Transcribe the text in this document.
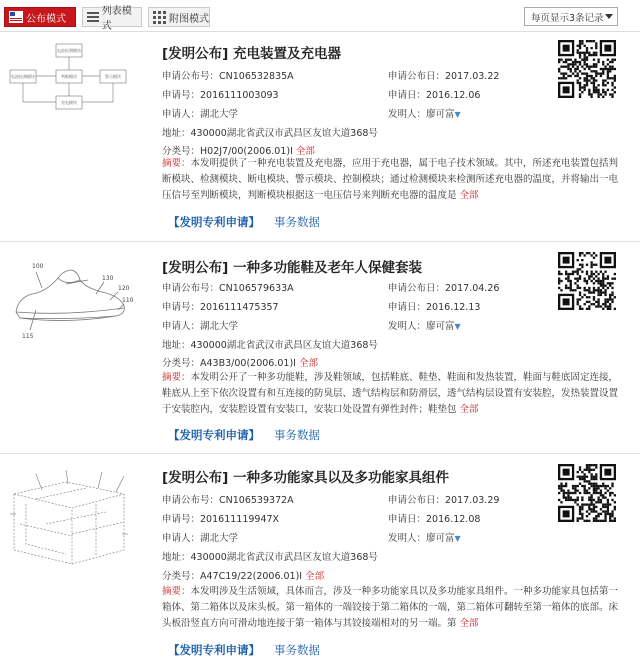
公布模式
列表模式
附图模式	每页显示3条记录
电池检测模块
电池检测模块	判断模块	警示模块
充电模块
[发明公布] 充电装置及充电器
申请公布号：CN106532835A	申请公布日：2017.03.22
申请号：2016111003093	申请日：2016.12.06
申请人：湖北大学	发明人：廖可富▼
地址：430000湖北省武汉市武昌区友谊大道368号
分类号：H02J7/00(2006.01)I 全部
摘要：本发明提供了一种充电装置及充电器，应用于充电器，属于电子技术领域。其中，所述充电装置包括判断模块、检测模块、断电模块、警示模块、控制模块；通过检测模块来检测所述充电器的温度，并将输出一电压信号至判断模块，判断模块根据这一电压信号来判断充电器的温度是 全部
【发明专利申请】 事务数据
100
130
120
110
115
[发明公布] 一种多功能鞋及老年人保健套装
申请公布号：CN106579633A	申请公布日：2017.04.26
申请号：2016111475357	申请日：2016.12.13
申请人：湖北大学	发明人：廖可富▼
地址：430000湖北省武汉市武昌区友谊大道368号
分类号：A43B3/00(2006.01)I 全部
摘要：本发明公开了一种多功能鞋，涉及鞋领域，包括鞋底、鞋垫、鞋面和发热装置，鞋面与鞋底固定连接，鞋底从上至下依次设置有和互连接的防臭层、透气结构层和防滑层，透气结构层设置有安装腔，发热装置设置于安装腔内，安装腔设置有安装口，安装口处设置有弹性封件；鞋垫包 全部
【发明专利申请】 事务数据
[发明公布] 一种多功能家具以及多功能家具组件
申请公布号：CN106539372A	申请公布日：2017.03.29
申请号：201611119947X	申请日：2016.12.08
申请人：湖北大学	发明人：廖可富▼
地址：430000湖北省武汉市武昌区友谊大道368号
分类号：A47C19/22(2006.01)I 全部
摘要：本发明涉及生活领域，具体而言，涉及一种多功能家具以及多功能家具组件。一种多功能家具包括第一箱体、第二箱体以及床头板。第一箱体的一端铰接于第二箱体的一端，第二箱体可翻转至第一箱体的底部。床头板沿竖直方向可滑动地连接于第一箱体与其铰接端相对的另一端。第 全部
【发明专利申请】 事务数据
